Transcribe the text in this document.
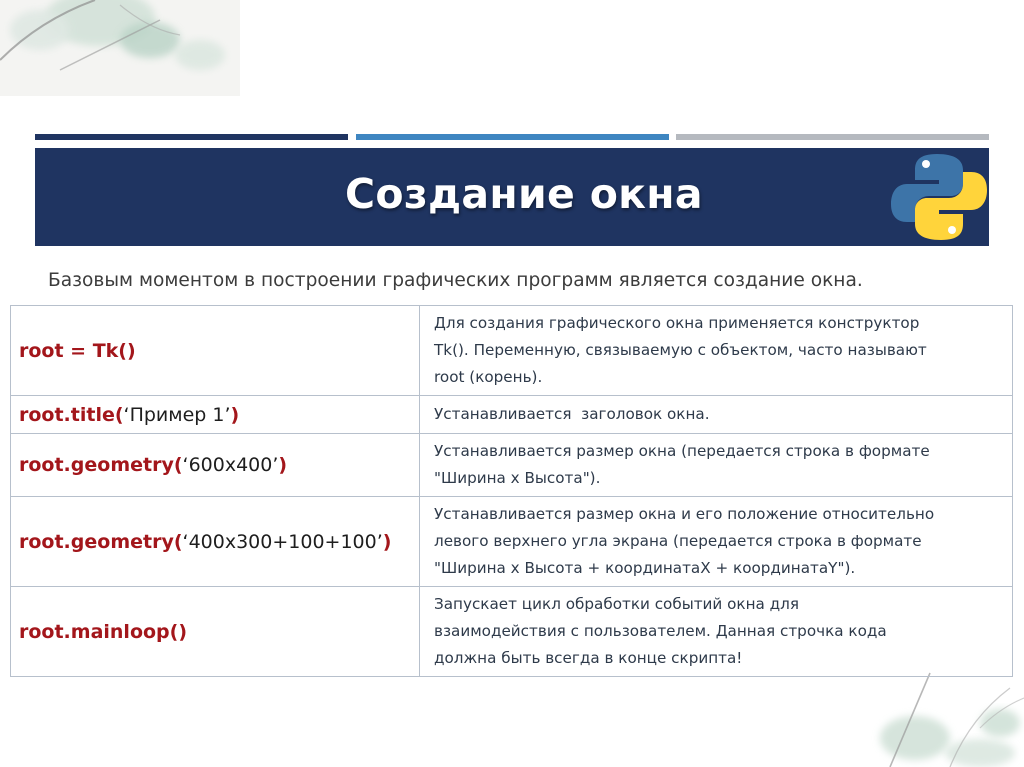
Создание окна
Базовым моментом в построении графических программ является создание окна.
root = Tk()	Для создания графического окна применяется конструктор
Tk(). Переменную, связываемую с объектом, часто называют
root (корень).

root.title(‘Пример 1’)	Устанавливается  заголовок окна.

root.geometry(‘600x400’)	Устанавливается размер окна (передается строка в формате
"Ширина x Высота").

root.geometry(‘400x300+100+100’)	Устанавливается размер окна и его положение относительно
левого верхнего угла экрана (передается строка в формате
"Ширина x Высота + координатаX + координатаY").

root.mainloop()	Запускает цикл обработки событий окна для
взаимодействия с пользователем. Данная строчка кода
должна быть всегда в конце скрипта!
